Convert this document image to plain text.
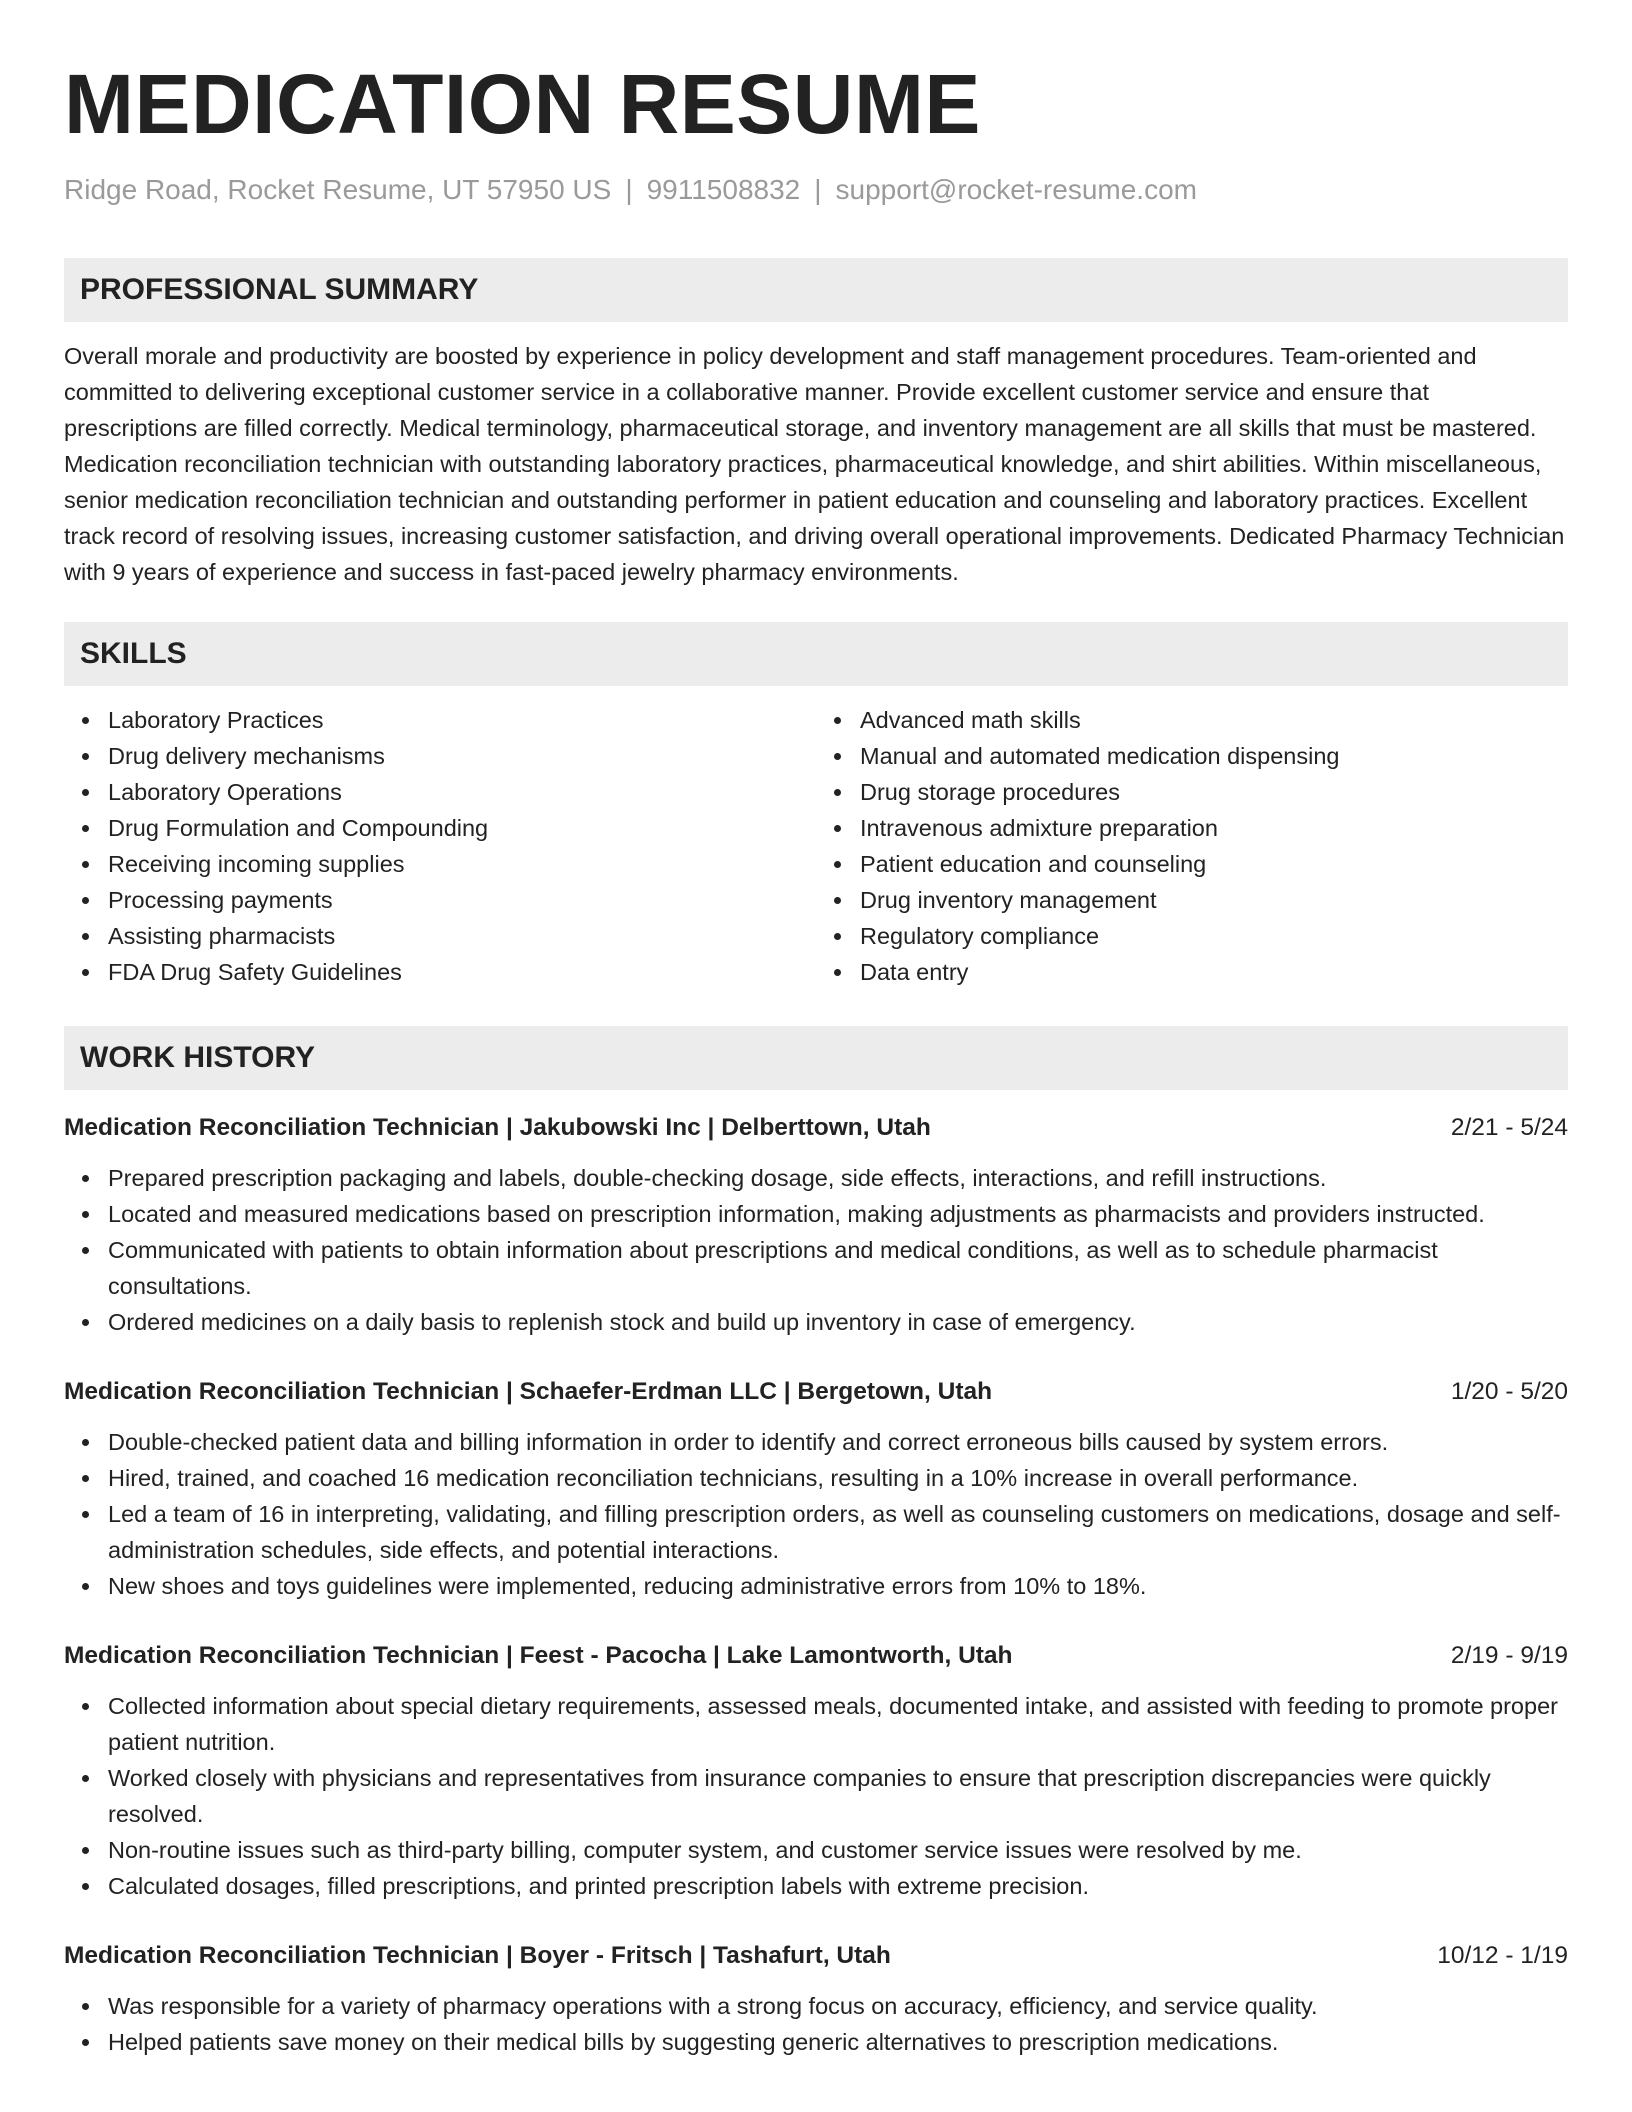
MEDICATION RESUME
Ridge Road, Rocket Resume, UT 57950 US | 9911508832 | support@rocket-resume.com
PROFESSIONAL SUMMARY

Overall morale and productivity are boosted by experience in policy development and staff management procedures. Team-oriented and committed to delivering exceptional customer service in a collaborative manner. Provide excellent customer service and ensure that prescriptions are filled correctly. Medical terminology, pharmaceutical storage, and inventory management are all skills that must be mastered. Medication reconciliation technician with outstanding laboratory practices, pharmaceutical knowledge, and shirt abilities. Within miscellaneous, senior medication reconciliation technician and outstanding performer in patient education and counseling and laboratory practices. Excellent track record of resolving issues, increasing customer satisfaction, and driving overall operational improvements. Dedicated Pharmacy Technician with 9 years of experience and success in fast-paced jewelry pharmacy environments.

SKILLS
Laboratory Practices
Drug delivery mechanisms
Laboratory Operations
Drug Formulation and Compounding
Receiving incoming supplies
Processing payments
Assisting pharmacists
FDA Drug Safety Guidelines
Advanced math skills
Manual and automated medication dispensing
Drug storage procedures
Intravenous admixture preparation
Patient education and counseling
Drug inventory management
Regulatory compliance
Data entry
WORK HISTORY
Medication Reconciliation Technician | Jakubowski Inc | Delberttown, Utah	2/21 - 5/24
Prepared prescription packaging and labels, double-checking dosage, side effects, interactions, and refill instructions.
Located and measured medications based on prescription information, making adjustments as pharmacists and providers instructed.
Communicated with patients to obtain information about prescriptions and medical conditions, as well as to schedule pharmacist consultations.
Ordered medicines on a daily basis to replenish stock and build up inventory in case of emergency.
Medication Reconciliation Technician | Schaefer-Erdman LLC | Bergetown, Utah	1/20 - 5/20
Double-checked patient data and billing information in order to identify and correct erroneous bills caused by system errors.
Hired, trained, and coached 16 medication reconciliation technicians, resulting in a 10% increase in overall performance.
Led a team of 16 in interpreting, validating, and filling prescription orders, as well as counseling customers on medications, dosage and self-administration schedules, side effects, and potential interactions.
New shoes and toys guidelines were implemented, reducing administrative errors from 10% to 18%.
Medication Reconciliation Technician | Feest - Pacocha | Lake Lamontworth, Utah	2/19 - 9/19
Collected information about special dietary requirements, assessed meals, documented intake, and assisted with feeding to promote proper patient nutrition.
Worked closely with physicians and representatives from insurance companies to ensure that prescription discrepancies were quickly resolved.
Non-routine issues such as third-party billing, computer system, and customer service issues were resolved by me.
Calculated dosages, filled prescriptions, and printed prescription labels with extreme precision.
Medication Reconciliation Technician | Boyer - Fritsch | Tashafurt, Utah	10/12 - 1/19
Was responsible for a variety of pharmacy operations with a strong focus on accuracy, efficiency, and service quality.
Helped patients save money on their medical bills by suggesting generic alternatives to prescription medications.
